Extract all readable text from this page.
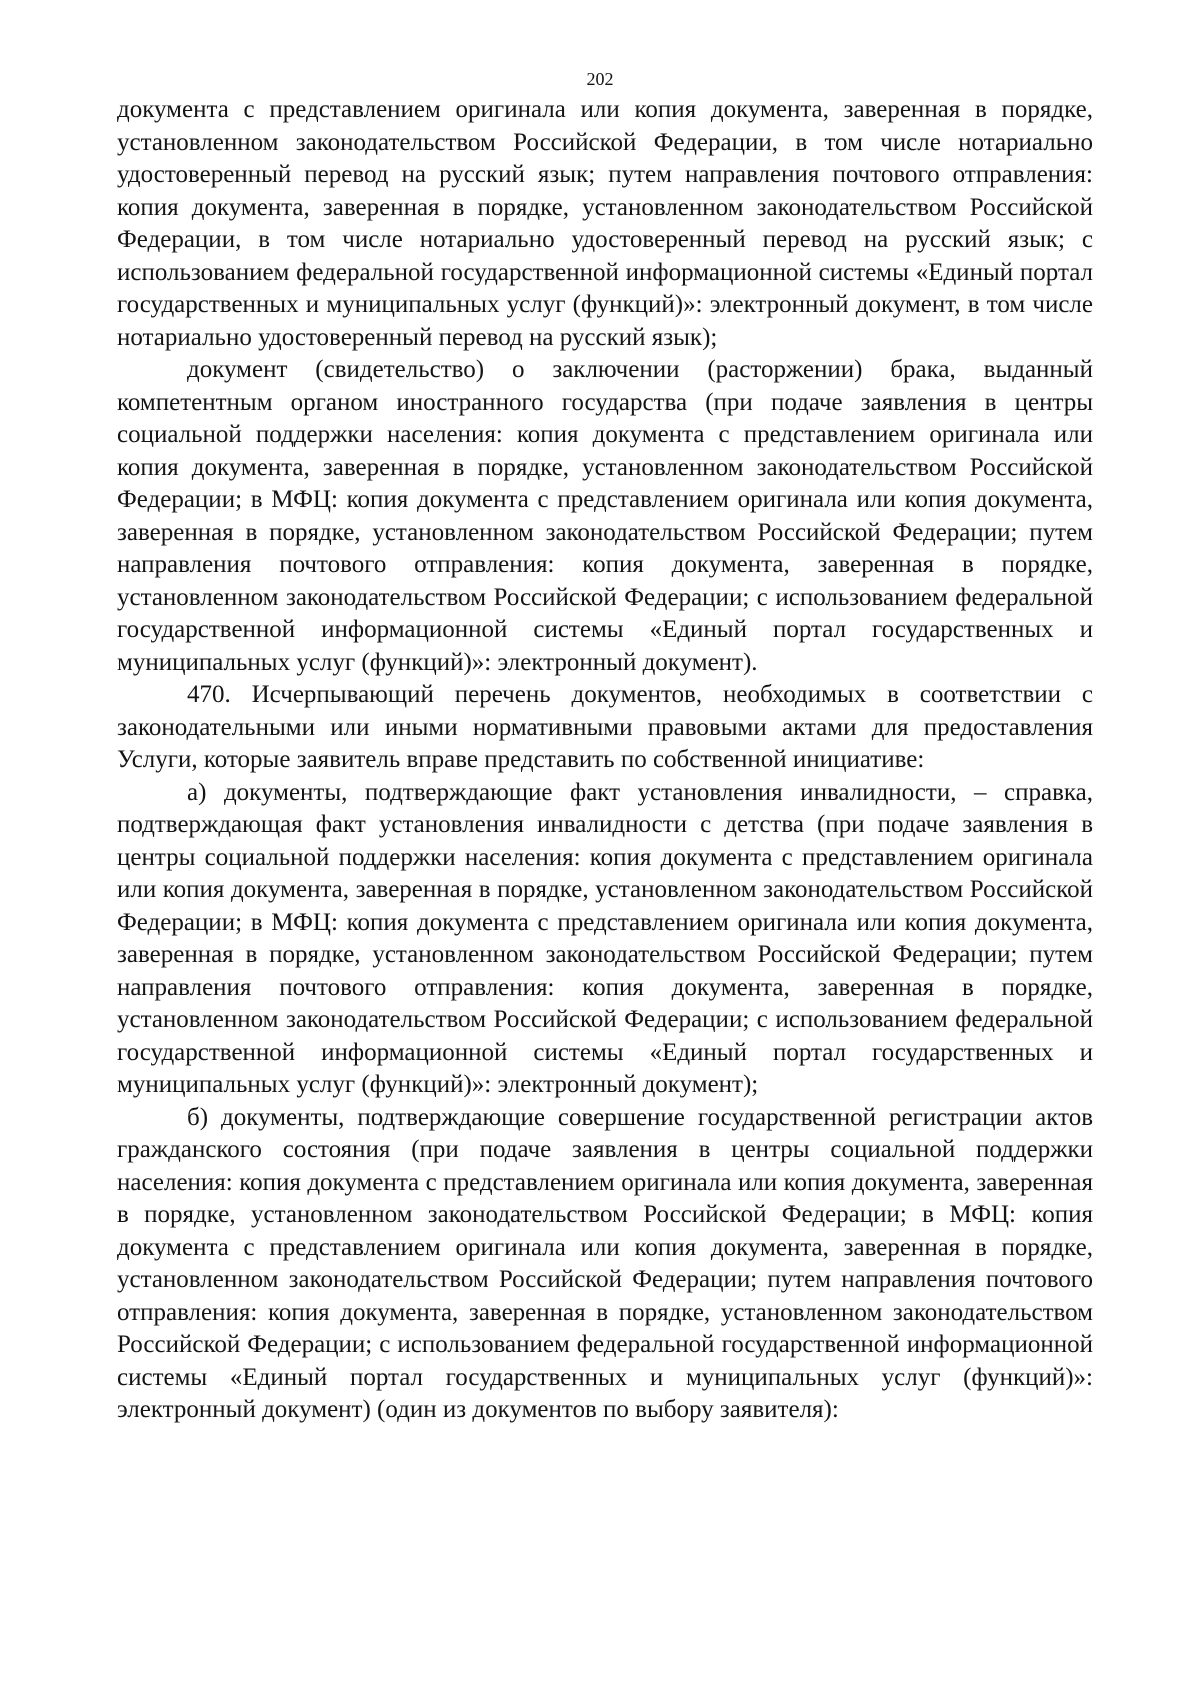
202

документа с представлением оригинала или копия документа, заверенная в порядке, установленном законодательством Российской Федерации, в том числе нотариально удостоверенный перевод на русский язык; путем направления почтового отправления: копия документа, заверенная в порядке, установленном законодательством Российской Федерации, в том числе нотариально удостоверенный перевод на русский язык; с использованием федеральной государственной информационной системы «Единый портал государственных и муниципальных услуг (функций)»: электронный документ, в том числе нотариально удостоверенный перевод на русский язык);

документ (свидетельство) о заключении (расторжении) брака, выданный компетентным органом иностранного государства (при подаче заявления в центры социальной поддержки населения: копия документа с представлением оригинала или копия документа, заверенная в порядке, установленном законодательством Российской Федерации; в МФЦ: копия документа с представлением оригинала или копия документа, заверенная в порядке, установленном законодательством Российской Федерации; путем направления почтового отправления: копия документа, заверенная в порядке, установленном законодательством Российской Федерации; с использованием федеральной государственной информационной системы «Единый портал государственных и муниципальных услуг (функций)»: электронный документ).

470. Исчерпывающий перечень документов, необходимых в соответствии с законодательными или иными нормативными правовыми актами для предоставления Услуги, которые заявитель вправе представить по собственной инициативе:

а) документы, подтверждающие факт установления инвалидности, – справка, подтверждающая факт установления инвалидности с детства (при подаче заявления в центры социальной поддержки населения: копия документа с представлением оригинала или копия документа, заверенная в порядке, установленном законодательством Российской Федерации; в МФЦ: копия документа с представлением оригинала или копия документа, заверенная в порядке, установленном законодательством Российской Федерации; путем направления почтового отправления: копия документа, заверенная в порядке, установленном законодательством Российской Федерации; с использованием федеральной государственной информационной системы «Единый портал государственных и муниципальных услуг (функций)»: электронный документ);

б) документы, подтверждающие совершение государственной регистрации актов гражданского состояния (при подаче заявления в центры социальной поддержки населения: копия документа с представлением оригинала или копия документа, заверенная в порядке, установленном законодательством Российской Федерации; в МФЦ: копия документа с представлением оригинала или копия документа, заверенная в порядке, установленном законодательством Российской Федерации; путем направления почтового отправления: копия документа, заверенная в порядке, установленном законодательством Российской Федерации; с использованием федеральной государственной информационной системы «Единый портал государственных и муниципальных услуг (функций)»: электронный документ) (один из документов по выбору заявителя):
